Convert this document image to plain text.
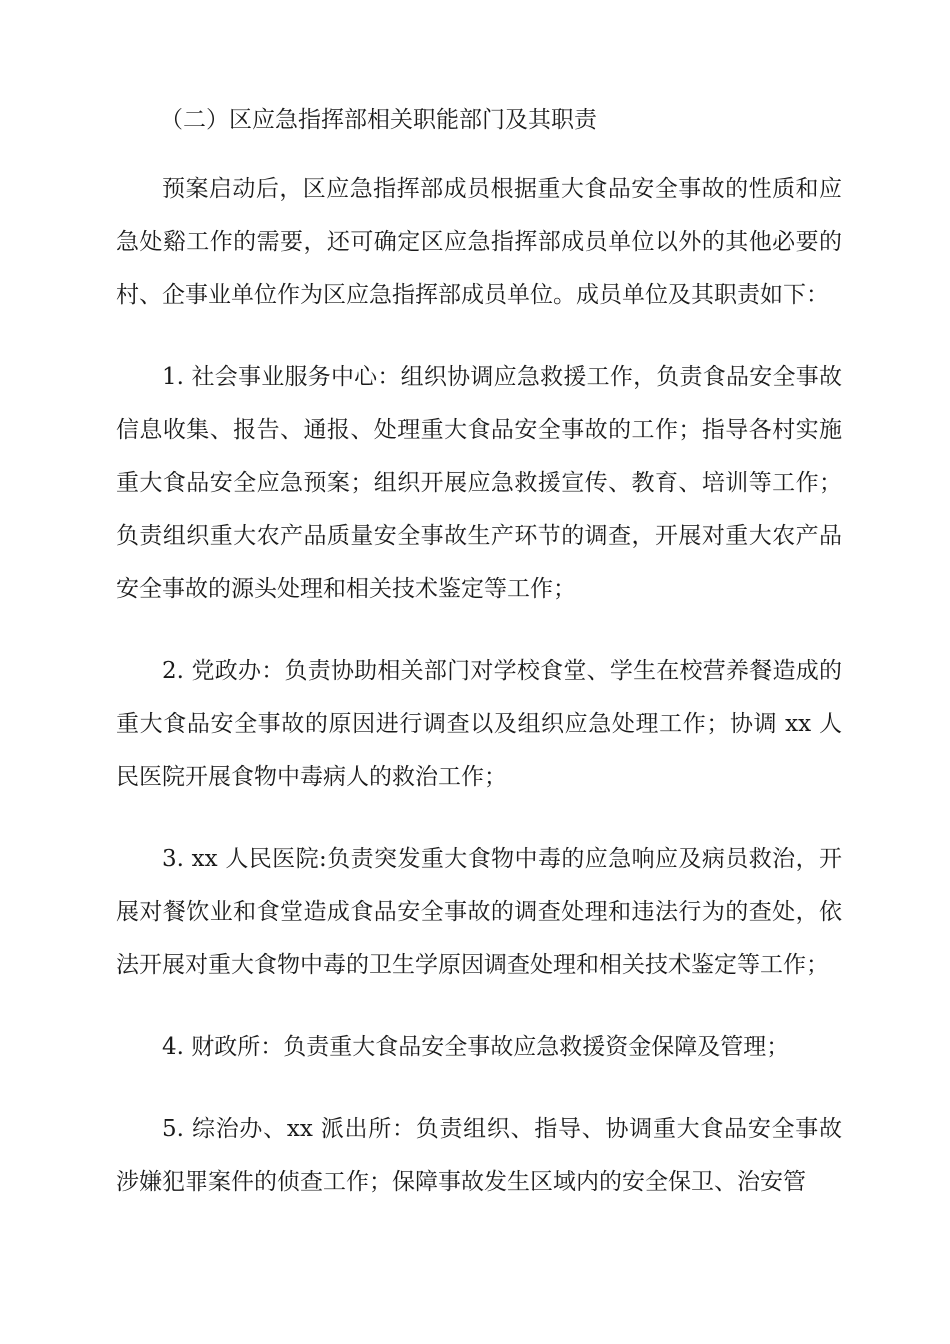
（二）区应急指挥部相关职能部门及其职责

预案启动后，区应急指挥部成员根据重大食品安全事故的性质和应急处谿工作的需要，还可确定区应急指挥部成员单位以外的其他必要的村、企事业单位作为区应急指挥部成员单位。成员单位及其职责如下：

1. 社会事业服务中心：组织协调应急救援工作，负责食品安全事故信息收集、报告、通报、处理重大食品安全事故的工作；指导各村实施重大食品安全应急预案；组织开展应急救援宣传、教育、培训等工作；负责组织重大农产品质量安全事故生产环节的调查，开展对重大农产品安全事故的源头处理和相关技术鉴定等工作；

2. 党政办：负责协助相关部门对学校食堂、学生在校营养餐造成的重大食品安全事故的原因进行调查以及组织应急处理工作；协调 xx 人民医院开展食物中毒病人的救治工作；

3. xx 人民医院:负责突发重大食物中毒的应急响应及病员救治，开展对餐饮业和食堂造成食品安全事故的调查处理和违法行为的查处，依法开展对重大食物中毒的卫生学原因调查处理和相关技术鉴定等工作；

4. 财政所：负责重大食品安全事故应急救援资金保障及管理；

5. 综治办、xx 派出所：负责组织、指导、协调重大食品安全事故涉嫌犯罪案件的侦查工作；保障事故发生区域内的安全保卫、治安管
